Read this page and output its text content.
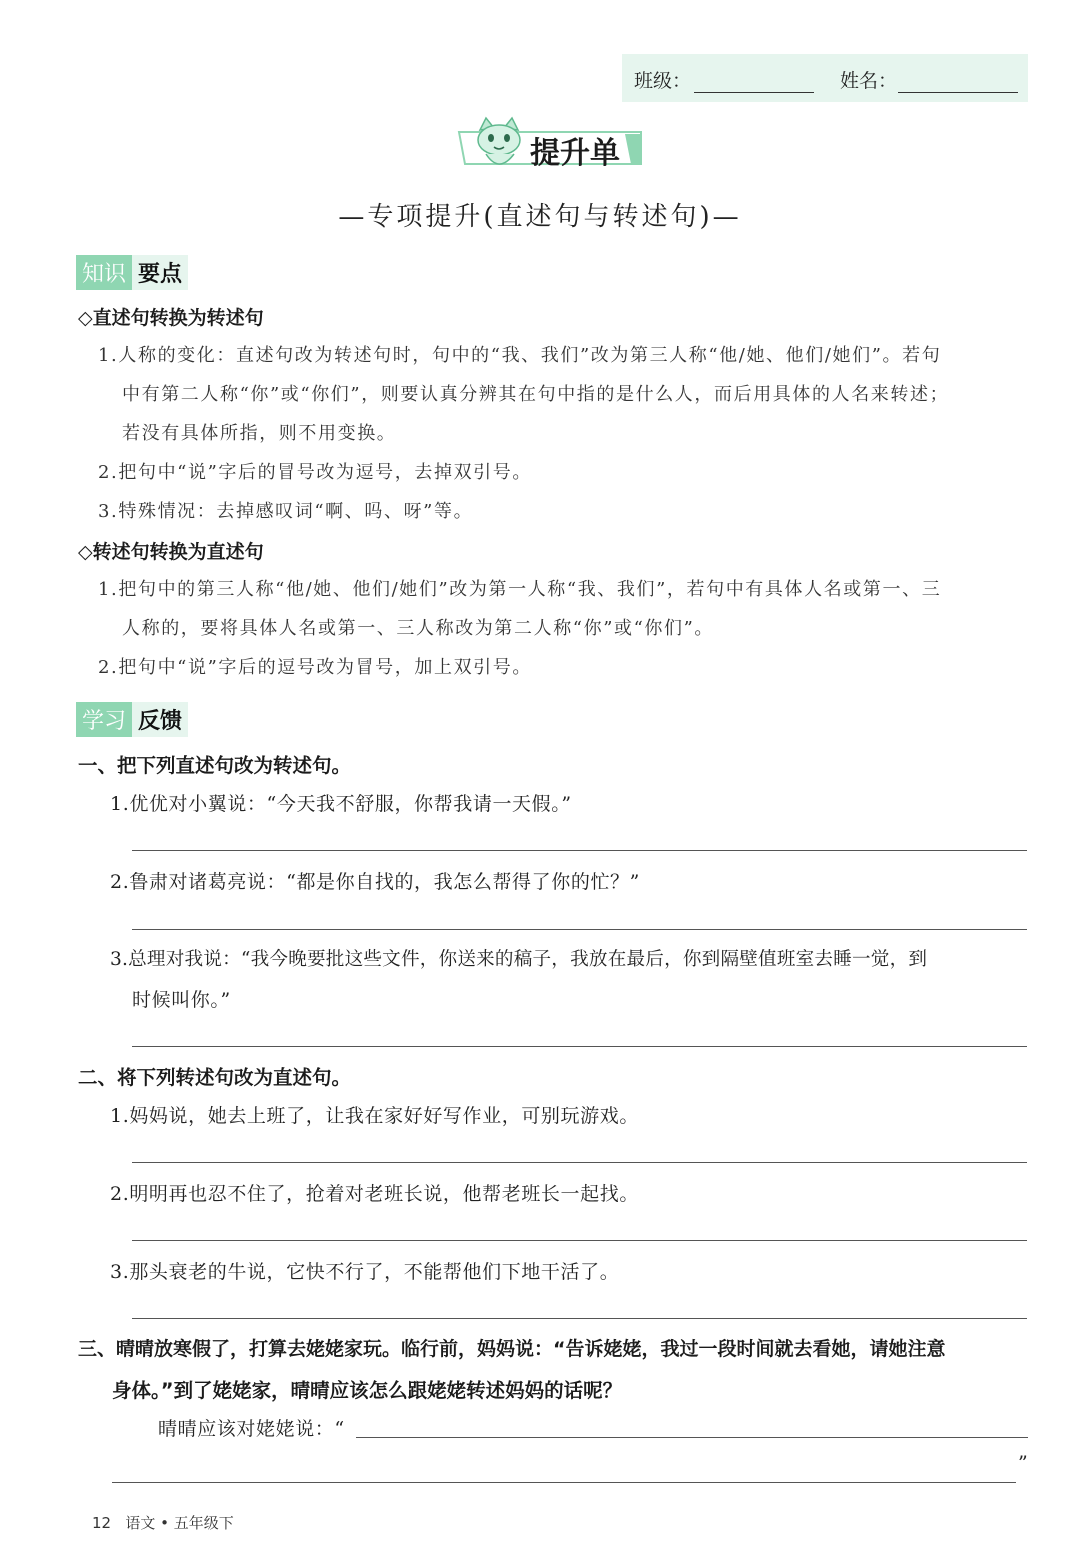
班级：	姓名：
提升单
—专项提升(直述句与转述句)—
知识 要点
◇直述句转换为转述句
1.人称的变化：直述句改为转述句时，句中的“我、我们”改为第三人称“他/她、他们/她们”。若句
中有第二人称“你”或“你们”，则要认真分辨其在句中指的是什么人，而后用具体的人名来转述；
若没有具体所指，则不用变换。
2.把句中“说”字后的冒号改为逗号，去掉双引号。
3.特殊情况：去掉感叹词“啊、吗、呀”等。
◇转述句转换为直述句
1.把句中的第三人称“他/她、他们/她们”改为第一人称“我、我们”，若句中有具体人名或第一、三
人称的，要将具体人名或第一、三人称改为第二人称“你”或“你们”。
2.把句中“说”字后的逗号改为冒号，加上双引号。
学习 反馈
一、把下列直述句改为转述句。
1.优优对小翼说：“今天我不舒服，你帮我请一天假。”
2.鲁肃对诸葛亮说：“都是你自找的，我怎么帮得了你的忙？”
3.总理对我说：“我今晚要批这些文件，你送来的稿子，我放在最后，你到隔壁值班室去睡一觉，到
时候叫你。”
二、将下列转述句改为直述句。
1.妈妈说，她去上班了，让我在家好好写作业，可别玩游戏。
2.明明再也忍不住了，抢着对老班长说，他帮老班长一起找。
3.那头衰老的牛说，它快不行了，不能帮他们下地干活了。
三、晴晴放寒假了，打算去姥姥家玩。临行前，妈妈说：“告诉姥姥，我过一段时间就去看她，请她注意
身体。”到了姥姥家，晴晴应该怎么跟姥姥转述妈妈的话呢？
晴晴应该对姥姥说：“
”
12 语文 • 五年级下
